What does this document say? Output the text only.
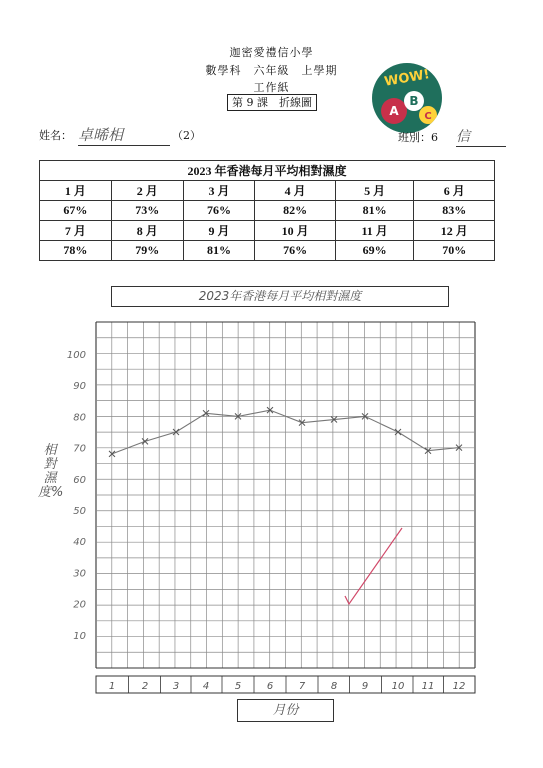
迦密愛禮信小學
數學科　六年級　上學期
工作紙
第 9 課　折線圖
WOW!
B
A	C
姓名： 卓晞相	（2）	班別：6 信
2023 年香港每月平均相對濕度					
1 月	2 月	3 月	4 月	5 月	6 月
67%	73%	76%	82%	81%	83%
7 月	8 月	9 月	10 月	11 月	12 月
78%	79%	81%	76%	69%	70%
2023年香港每月平均相對濕度
相對濕度%
10
20
30
40
50
60
70
80
90
100
1	2 3 4	5	6	7	8 9 10 11 12
月份
